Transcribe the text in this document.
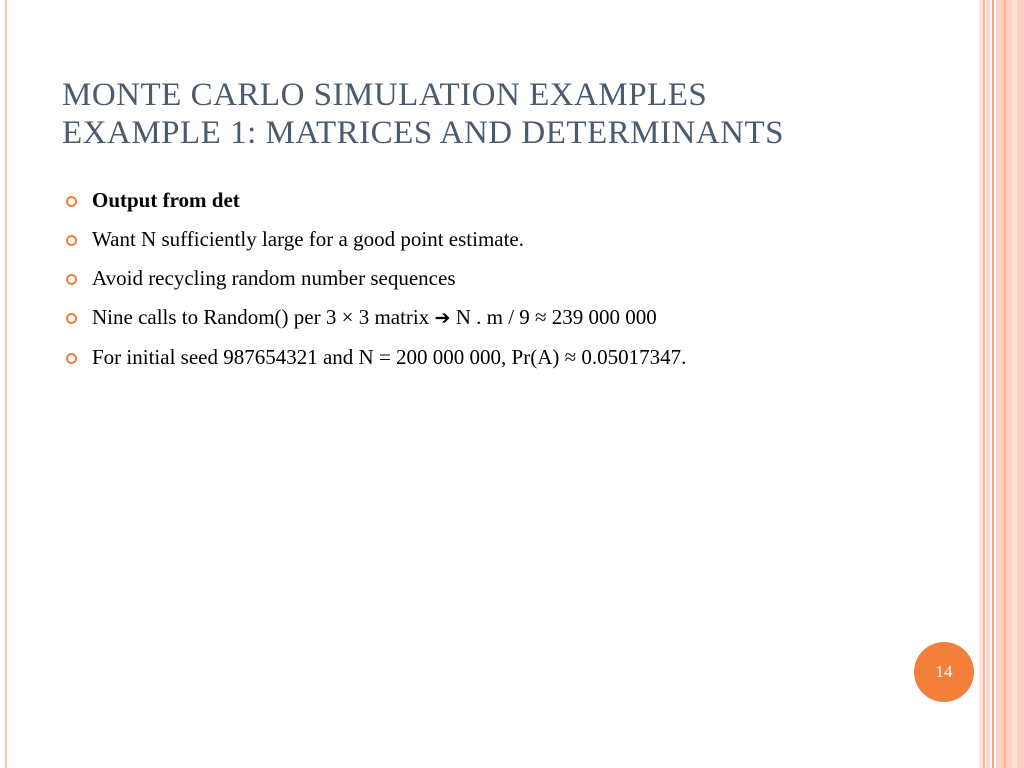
MONTE CARLO SIMULATION EXAMPLES
EXAMPLE 1: MATRICES AND DETERMINANTS
Output from det
Want N sufficiently large for a good point estimate.
Avoid recycling random number sequences
Nine calls to Random() per 3 × 3 matrix ➔ N . m / 9 ≈ 239 000 000
For initial seed 987654321 and N = 200 000 000, Pr(A) ≈ 0.05017347.
14
